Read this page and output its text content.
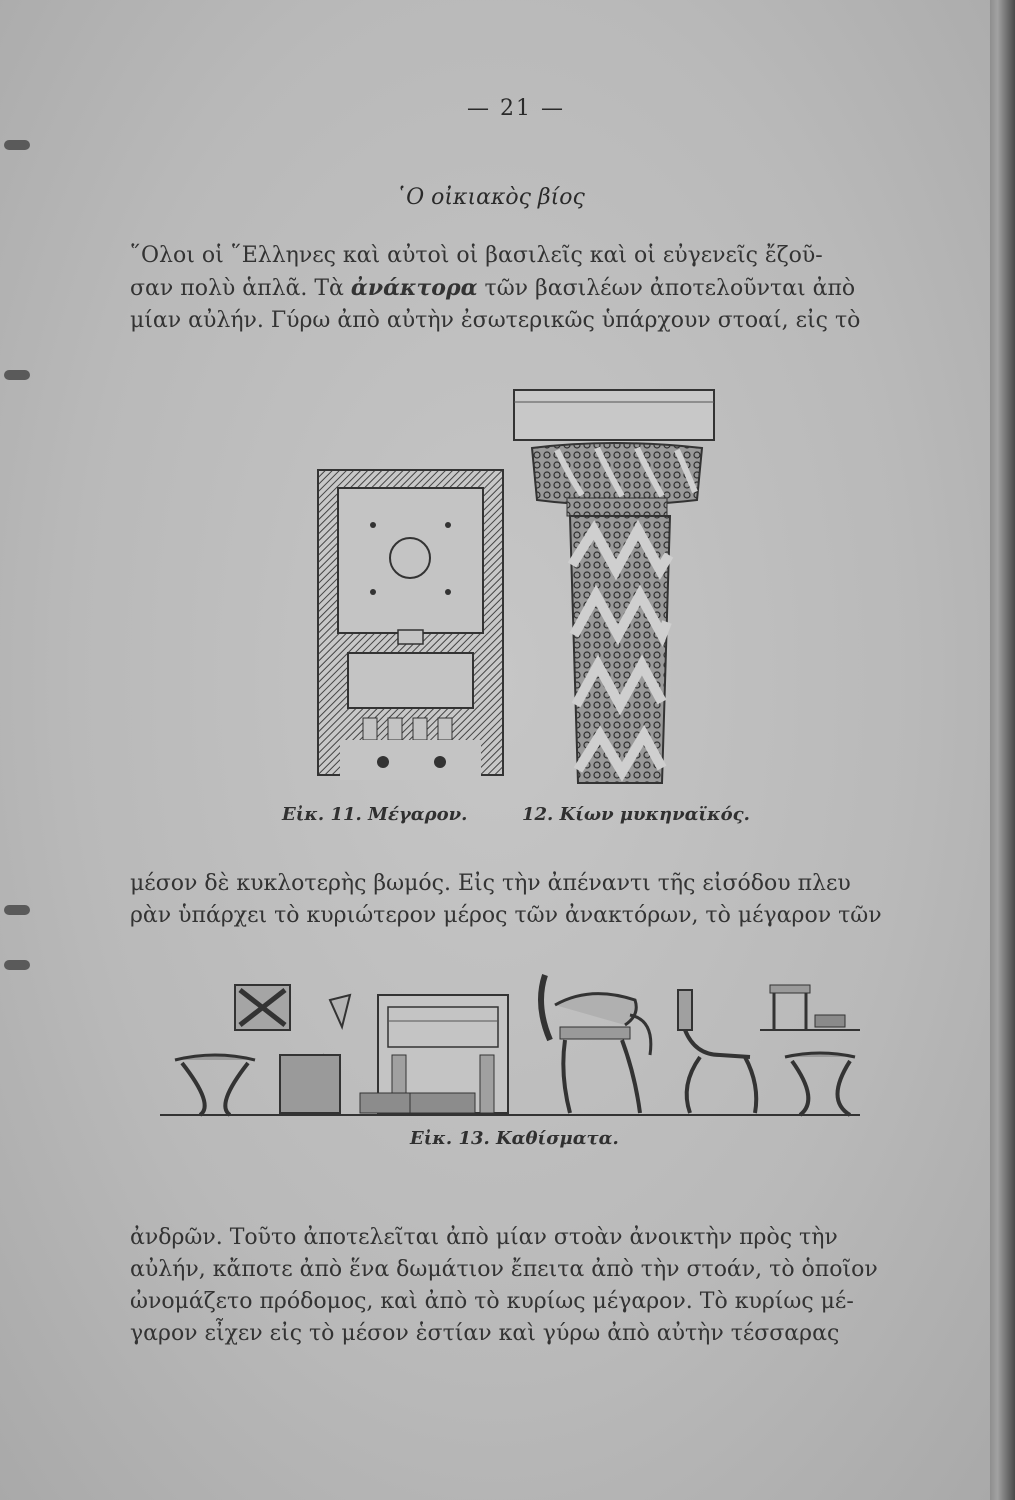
— 21 —
῾Ο οἰκιακὸς βίος

῞Ολοι οἱ ῞Ελληνες καὶ αὐτοὶ οἱ βασιλεῖς καὶ οἱ εὐγενεῖς ἔζοῦ-
σαν πολὺ ἁπλᾶ. Τὰ ἀνάκτορα τῶν βασιλέων ἀποτελοῦνται ἀπὸ
μίαν αὐλήν. Γύρω ἀπὸ αὐτὴν ἐσωτερικῶς ὑπάρχουν στοαί, εἰς τὸ

Εἰκ. 11. Μέγαρον.	12. Κίων μυκηναϊκός.

μέσον δὲ κυκλοτερὴς βωμός. Εἰς τὴν ἀπέναντι τῆς εἰσόδου πλευ
ρὰν ὑπάρχει τὸ κυριώτερον μέρος τῶν ἀνακτόρων, τὸ μέγαρον τῶν

Εἰκ. 13. Καθίσματα.

ἀνδρῶν. Τοῦτο ἀποτελεῖται ἀπὸ μίαν στοὰν ἀνοικτὴν πρὸς τὴν
αὐλήν, κἄποτε ἀπὸ ἕνα δωμάτιον ἔπειτα ἀπὸ τὴν στοάν, τὸ ὁποῖον
ὠνομάζετο πρόδομος, καὶ ἀπὸ τὸ κυρίως μέγαρον. Τὸ κυρίως μέ-
γαρον εἶχεν εἰς τὸ μέσον ἑστίαν καὶ γύρω ἀπὸ αὐτὴν τέσσαρας
